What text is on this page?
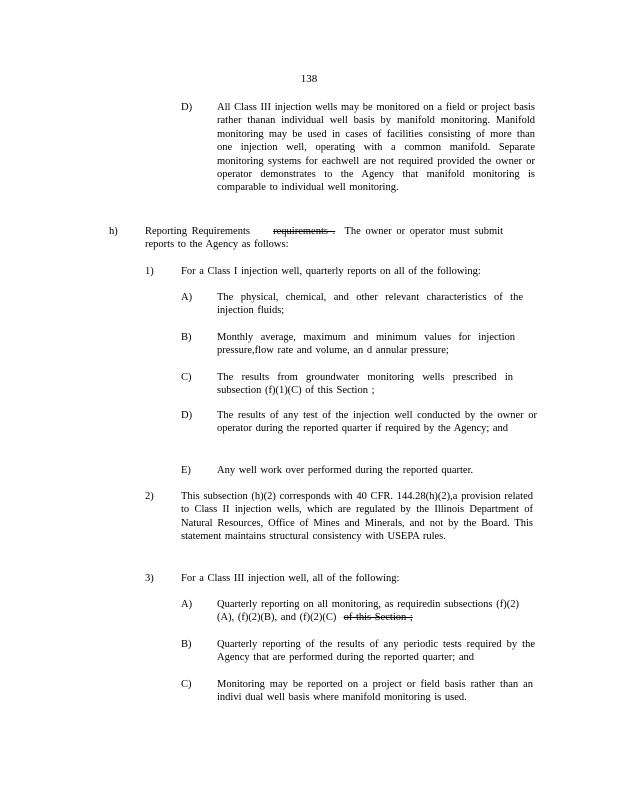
138
D) All Class III injection wells may be monitored on a field or project basis rather thanan individual well basis by manifold monitoring. Manifold monitoring may be used in cases of facilities consisting of more than one injection well, operating with a common manifold. Separate monitoring systems for eachwell are not required provided the owner or operator demonstrates to the Agency that manifold monitoring is comparable to individual well monitoring.
h)	Reporting Requirements requirements . The owner or operator must submit reports to the Agency as follows:
1)	For a Class I injection well, quarterly reports on all of the following:
A) The physical, chemical, and other relevant characteristics of the injection fluids;
B) Monthly average, maximum and minimum values for injection pressure,flow rate and volume, an d annular pressure;
C) The results from groundwater monitoring wells prescribed in subsection (f)(1)(C) of this Section ;
D) The results of any test of the injection well conducted by the owner or operator during the reported quarter if required by the Agency; and
E) Any well work over performed during the reported quarter.
2)	This subsection (h)(2) corresponds with 40 CFR. 144.28(h)(2),a provision related to Class II injection wells, which are regulated by the Illinois Department of Natural Resources, Office of Mines and Minerals, and not by the Board. This statement maintains structural consistency with USEPA rules.
3)	For a Class III injection well, all of the following:
A) Quarterly reporting on all monitoring, as requiredin subsections (f)(2)(A), (f)(2)(B), and (f)(2)(C) of this Section ;
B) Quarterly reporting of the results of any periodic tests required by the Agency that are performed during the reported quarter; and
C) Monitoring may be reported on a project or field basis rather than an indivi dual well basis where manifold monitoring is used.
